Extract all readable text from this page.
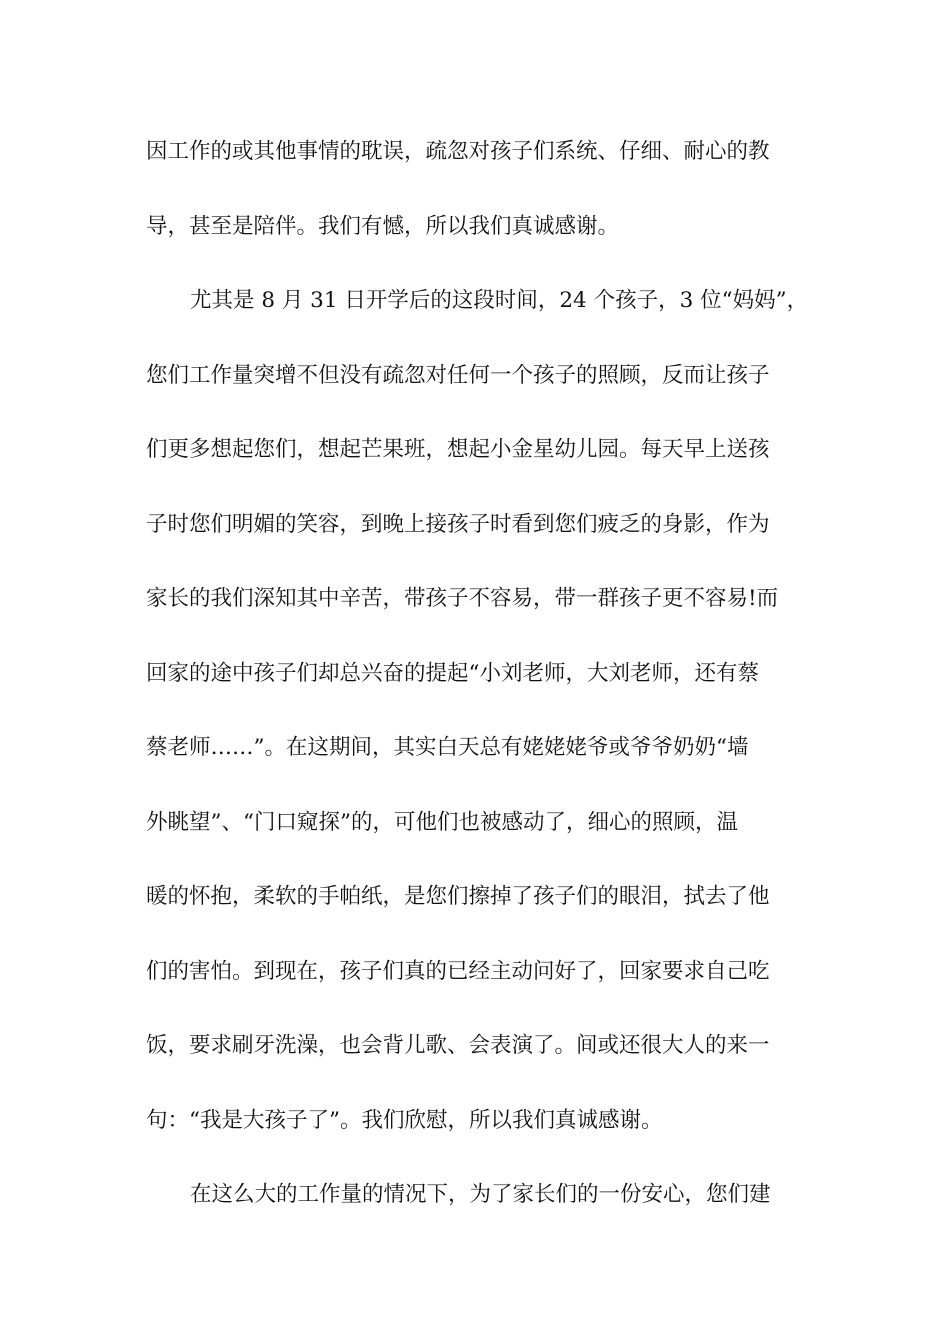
因工作的或其他事情的耽误，疏忽对孩子们系统、仔细、耐心的教
导，甚至是陪伴。我们有憾，所以我们真诚感谢。
尤其是 8 月 31 日开学后的这段时间，24 个孩子，3 位“妈妈”，
您们工作量突增不但没有疏忽对任何一个孩子的照顾，反而让孩子
们更多想起您们，想起芒果班，想起小金星幼儿园。每天早上送孩
子时您们明媚的笑容，到晚上接孩子时看到您们疲乏的身影，作为
家长的我们深知其中辛苦，带孩子不容易，带一群孩子更不容易!而
回家的途中孩子们却总兴奋的提起“小刘老师，大刘老师，还有蔡
蔡老师……”。在这期间，其实白天总有姥姥姥爷或爷爷奶奶“墙
外眺望”、“门口窥探”的，可他们也被感动了，细心的照顾，温
暖的怀抱，柔软的手帕纸，是您们擦掉了孩子们的眼泪，拭去了他
们的害怕。到现在，孩子们真的已经主动问好了，回家要求自己吃
饭，要求刷牙洗澡，也会背儿歌、会表演了。间或还很大人的来一
句：“我是大孩子了”。我们欣慰，所以我们真诚感谢。
在这么大的工作量的情况下，为了家长们的一份安心，您们建
